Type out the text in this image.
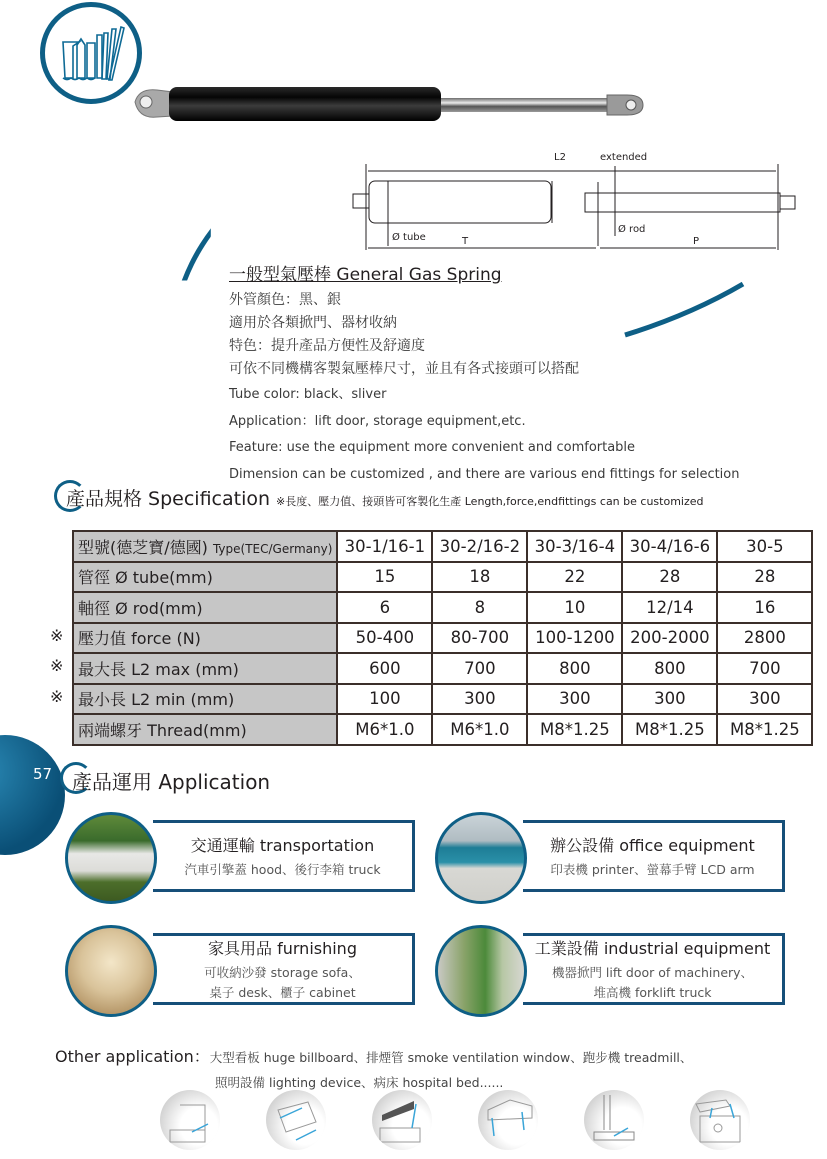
L2	extended
Ø tube
Ø rod
T	P
一般型氣壓棒 General Gas Spring
外管顏色：黑、銀
適用於各類掀門、器材收納
特色：提升產品方便性及舒適度
可依不同機構客製氣壓棒尺寸，並且有各式接頭可以搭配
Tube color: black、sliver
Application：lift door, storage equipment,etc.
Feature: use the equipment more convenient and comfortable
Dimension can be customized , and there are various end fittings for selection
產品規格 Specification ※長度、壓力值、接頭皆可客製化生產 Length,force,endfittings can be customized
※
※
※
型號(德芝寶/德國) Type(TEC/Germany)	30-1/16-1	30-2/16-2	30-3/16-4	30-4/16-6	30-5
管徑 Ø tube(mm)	15	18	22	28	28
軸徑 Ø rod(mm)	6	8	10	12/14	16
壓力值 force (N)	50-400	80-700	100-1200	200-2000	2800
最大長 L2 max (mm)	600	700	800	800	700
最小長 L2 min (mm)	100	300	300	300	300
兩端螺牙 Thread(mm)	M6*1.0	M6*1.0	M8*1.25	M8*1.25	M8*1.25
57 產品運用 Application
交通運輸 transportation
汽車引擎蓋 hood、後行李箱 truck
辦公設備 office equipment
印表機 printer、螢幕手臂 LCD arm
家具用品 furnishing
可收納沙發 storage sofa、
桌子 desk、櫃子 cabinet
工業設備 industrial equipment
機器掀門 lift door of machinery、
堆高機 forklift truck
Other application：大型看板 huge billboard、排煙管 smoke ventilation window、跑步機 treadmill、
照明設備 lighting device、病床 hospital bed......
